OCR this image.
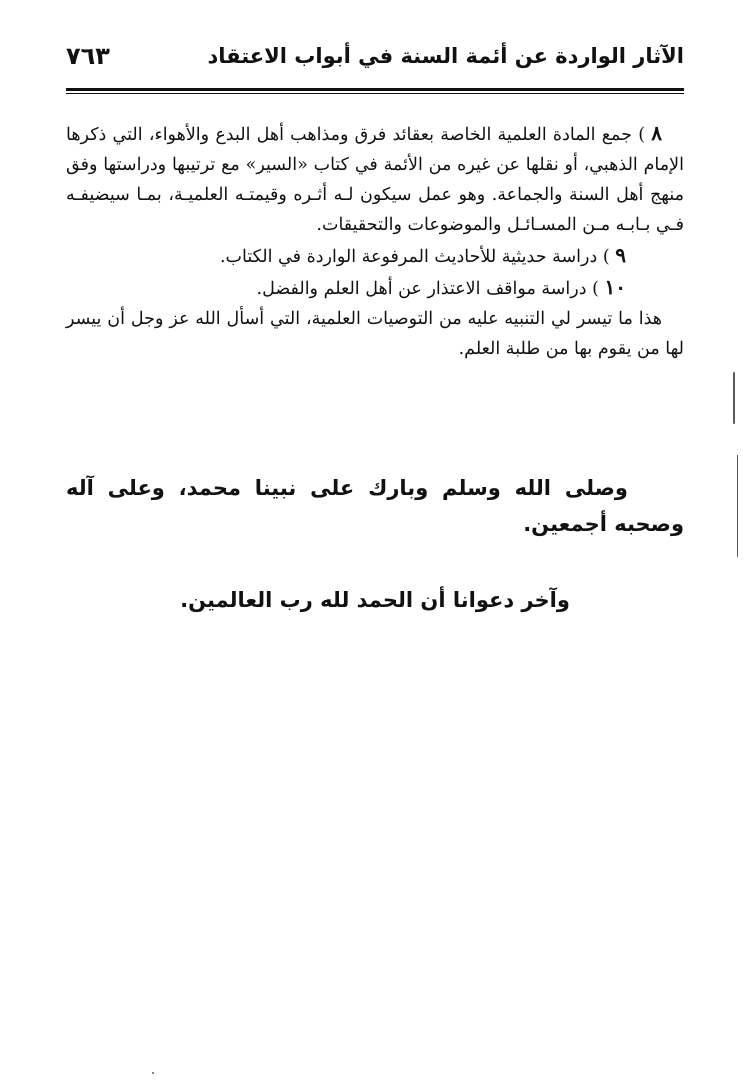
الآثار الواردة عن أئمة السنة في أبواب الاعتقاد
٧٦٣

٨ ) جمع المادة العلمية الخاصة بعقائد فرق ومذاهب أهل البدع والأهواء، التي ذكرها الإمام الذهبي، أو نقلها عن غيره من الأئمة في كتاب «السير» مع ترتيبها ودراستها وفق منهج أهل السنة والجماعة. وهو عمل سيكون لـه أثـره وقيمتـه العلميـة، بمـا سيضيفـه فـي بـابـه مـن المسـائـل والموضوعات والتحقيقات.

٩ ) دراسة حديثية للأحاديث المرفوعة الواردة في الكتاب.

١٠ ) دراسة مواقف الاعتذار عن أهل العلم والفضل.

هذا ما تيسر لي التنبيه عليه من التوصيات العلمية، التي أسأل الله عز وجل أن ييسر لها من يقوم بها من طلبة العلم.

وصلى الله وسلم وبارك على نبينا محمد، وعلى آله وصحبه أجمعين.

وآخر دعوانا أن الحمد لله رب العالمين.
